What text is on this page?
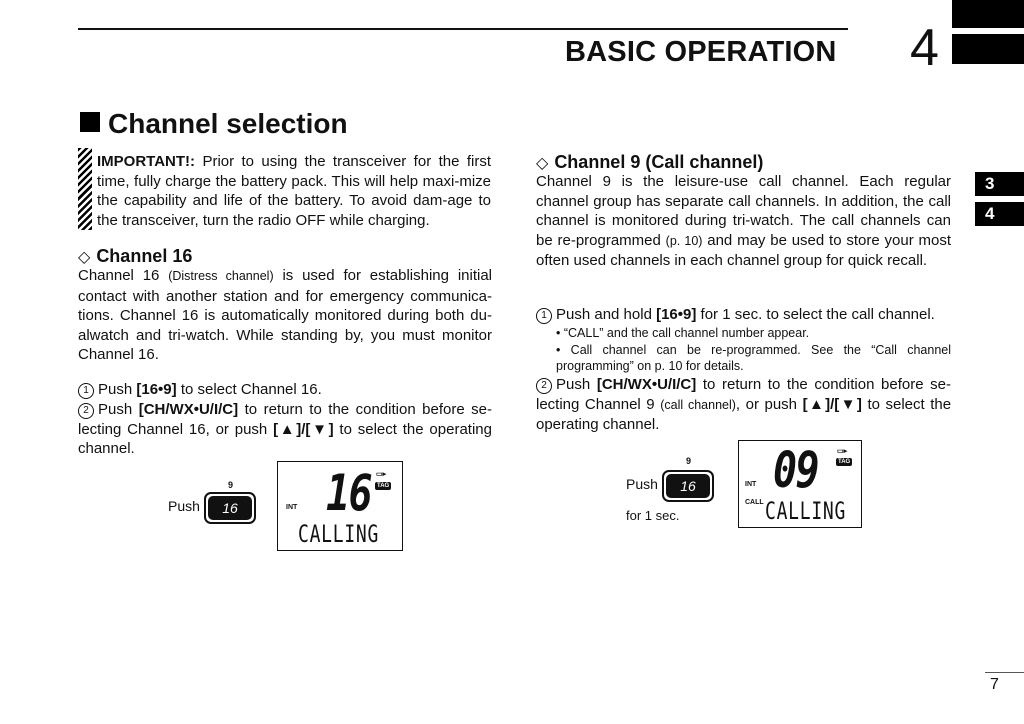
BASIC OPERATION 4
3
4
Channel selection
IMPORTANT!: Prior to using the transceiver for the first time, fully charge the battery pack. This will help maxi-mize the capability and life of the battery. To avoid dam-age to the transceiver, turn the radio OFF while charging.
◇ Channel 16
Channel 16 (Distress channel) is used for establishing initial contact with another station and for emergency communica-tions. Channel 16 is automatically monitored during both du-alwatch and tri-watch. While standing by, you must monitor Channel 16.
1 Push [16•9] to select Channel 16.
2 Push [CH/WX•U/I/C] to return to the condition before se-lecting Channel 16, or push [▲]/[▼] to select the operating channel.
Push
9
16	INT 16 ▭▸
TAG
CALLING
◇ Channel 9 (Call channel)
Channel 9 is the leisure-use call channel. Each regular channel group has separate call channels. In addition, the call channel is monitored during tri-watch. The call channels can be re-programmed (p. 10) and may be used to store your most often used channels in each channel group for quick recall.
1 Push and hold [16•9] for 1 sec. to select the call channel.
• “CALL” and the call channel number appear.
• Call channel can be re-programmed. See the “Call channel programming” on p. 10 for details.
2 Push [CH/WX•U/I/C] to return to the condition before se-lecting Channel 9 (call channel), or push [▲]/[▼] to select the operating channel.
Push
9
16
for 1 sec.
INT
CALL
09	▭▸
TAG
CALLING
7
